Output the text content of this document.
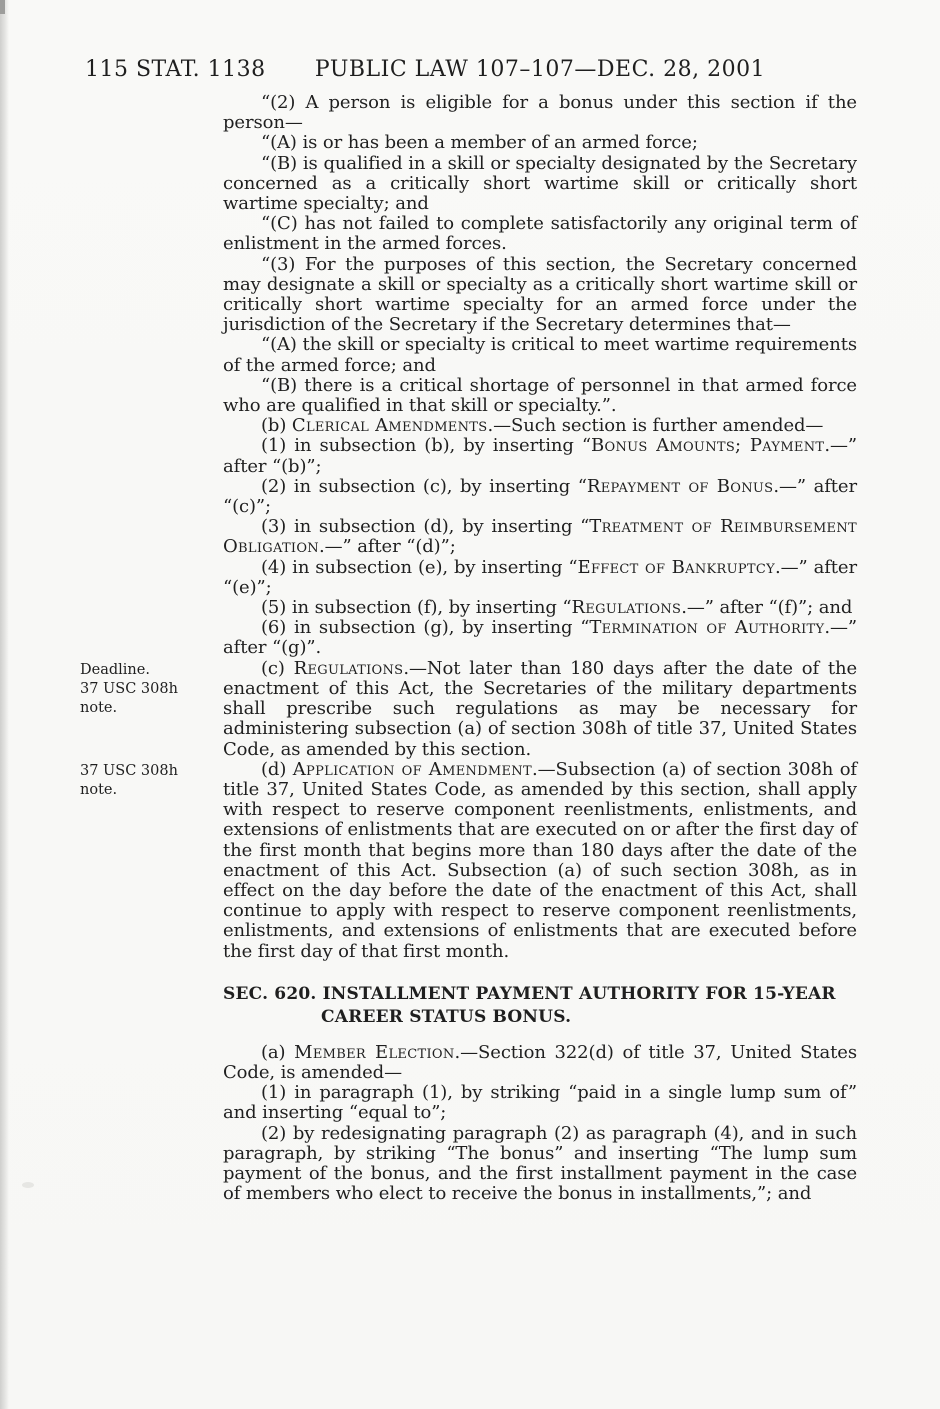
115 STAT. 1138	PUBLIC LAW 107–107—DEC. 28, 2001

“(2) A person is eligible for a bonus under this section if the person—

“(A) is or has been a member of an armed force;

“(B) is qualified in a skill or specialty designated by the Secretary concerned as a critically short wartime skill or critically short wartime specialty; and

“(C) has not failed to complete satisfactorily any original term of enlistment in the armed forces.

“(3) For the purposes of this section, the Secretary concerned may designate a skill or specialty as a critically short wartime skill or critically short wartime specialty for an armed force under the jurisdiction of the Secretary if the Secretary determines that—

“(A) the skill or specialty is critical to meet wartime requirements of the armed force; and

“(B) there is a critical shortage of personnel in that armed force who are qualified in that skill or specialty.”.

(b) Clerical Amendments.—Such section is further amended—

(1) in subsection (b), by inserting “Bonus Amounts; Payment.—” after “(b)”;

(2) in subsection (c), by inserting “Repayment of Bonus.—” after “(c)”;

(3) in subsection (d), by inserting “Treatment of Reimbursement Obligation.—” after “(d)”;

(4) in subsection (e), by inserting “Effect of Bankruptcy.—” after “(e)”;

(5) in subsection (f), by inserting “Regulations.—” after “(f)”; and

(6) in subsection (g), by inserting “Termination of Authority.—” after “(g)”.

(c) Regulations.—Not later than 180 days after the date of the enactment of this Act, the Secretaries of the military departments shall prescribe such regulations as may be necessary for administering subsection (a) of section 308h of title 37, United States Code, as amended by this section.
Deadline.
37 USC 308h
note.

(d) Application of Amendment.—Subsection (a) of section 308h of title 37, United States Code, as amended by this section, shall apply with respect to reserve component reenlistments, enlistments, and extensions of enlistments that are executed on or after the first day of the first month that begins more than 180 days after the date of the enactment of this Act. Subsection (a) of such section 308h, as in effect on the day before the date of the enactment of this Act, shall continue to apply with respect to reserve component reenlistments, enlistments, and extensions of enlistments that are executed before the first day of that first month.
37 USC 308h
note.

SEC. 620. INSTALLMENT PAYMENT AUTHORITY FOR 15-YEAR CAREER STATUS BONUS.

(a) Member Election.—Section 322(d) of title 37, United States Code, is amended—

(1) in paragraph (1), by striking “paid in a single lump sum of” and inserting “equal to”;

(2) by redesignating paragraph (2) as paragraph (4), and in such paragraph, by striking “The bonus” and inserting “The lump sum payment of the bonus, and the first installment payment in the case of members who elect to receive the bonus in installments,”; and
